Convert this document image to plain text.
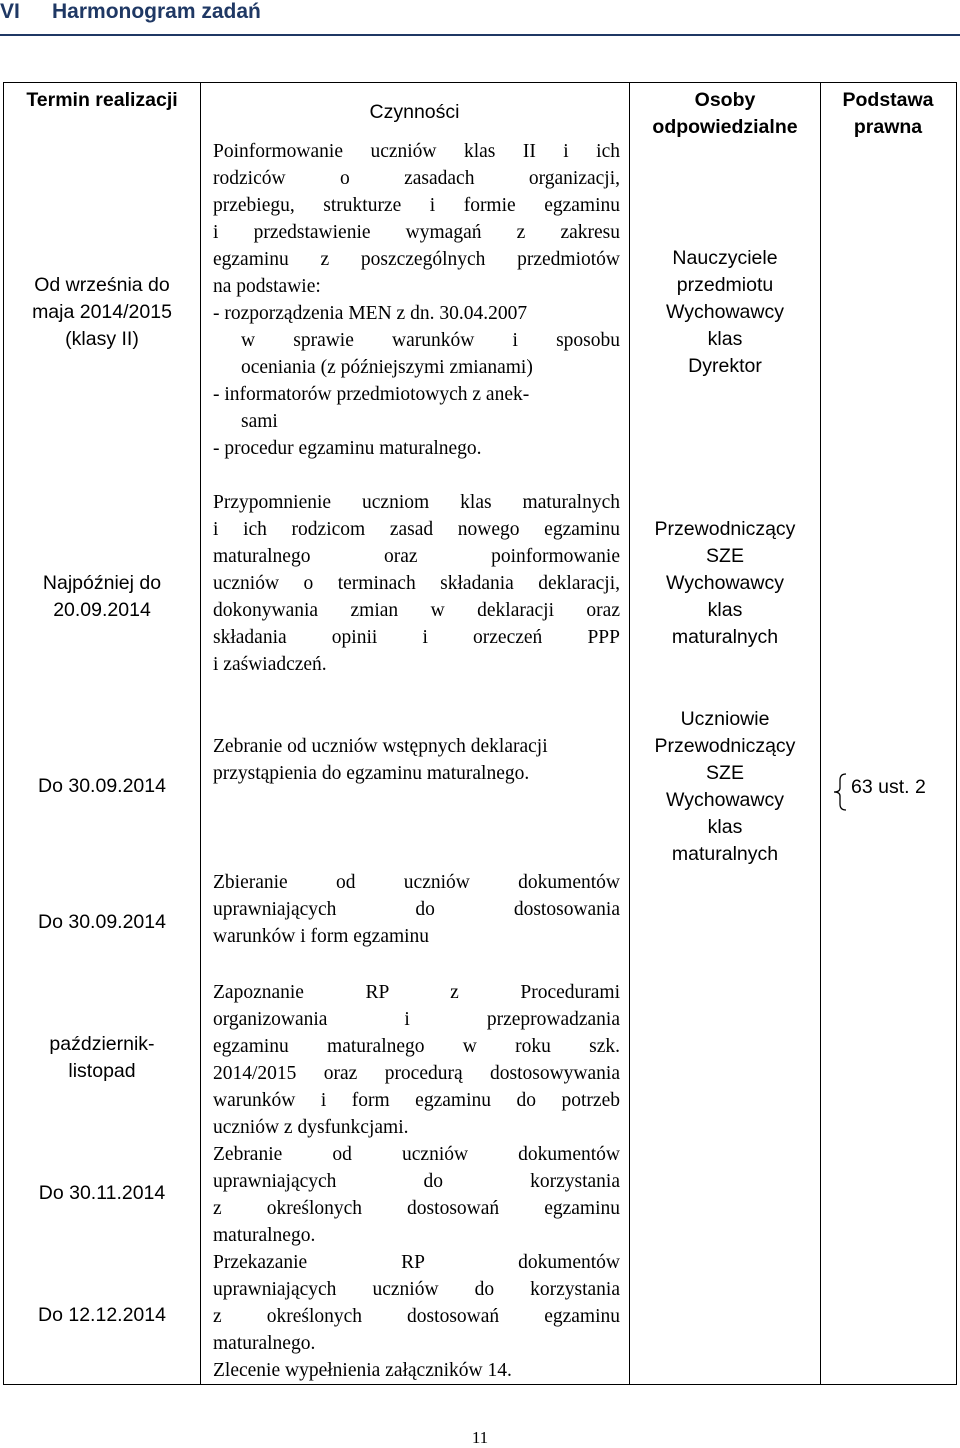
VI Harmonogram zadań
Termin realizacji
Czynności
Osoby
odpowiedzialne
Podstawa
prawna
Od września do
maja 2014/2015
(klasy II)
Poinformowanie uczniów klas II i ich
rodziców o zasadach organizacji,
przebiegu, strukturze i formie egzaminu
i przedstawienie wymagań z zakresu
egzaminu z poszczególnych przedmiotów
na podstawie:
- rozporządzenia MEN z dn. 30.04.2007
w sprawie warunków i sposobu
oceniania (z późniejszymi zmianami)
- informatorów przedmiotowych z anek-
sami
- procedur egzaminu maturalnego.
Nauczyciele
przedmiotu
Wychowawcy
klas
Dyrektor
Najpóźniej do
20.09.2014
Przypomnienie uczniom klas maturalnych
i ich rodzicom zasad nowego egzaminu
maturalnego oraz poinformowanie
uczniów o terminach składania deklaracji,
dokonywania zmian w deklaracji oraz
składania opinii i orzeczeń PPP
i zaświadczeń.
Przewodniczący
SZE
Wychowawcy
klas
maturalnych
Do 30.09.2014
Do 30.09.2014
Zebranie od uczniów wstępnych deklaracji
przystąpienia do egzaminu maturalnego.
Zbieranie od uczniów dokumentów
uprawniających do dostosowania
warunków i form egzaminu
Uczniowie
Przewodniczący
SZE
Wychowawcy
klas
maturalnych
63 ust. 2
październik-
listopad
Do 30.11.2014
Do 12.12.2014
Zapoznanie RP z Procedurami
organizowania i przeprowadzania
egzaminu maturalnego w roku szk.
2014/2015 oraz procedurą dostosowywania
warunków i form egzaminu do potrzeb
uczniów z dysfunkcjami.
Zebranie od uczniów dokumentów
uprawniających do korzystania
z określonych dostosowań egzaminu
maturalnego.
Przekazanie RP dokumentów
uprawniających uczniów do korzystania
z określonych dostosowań egzaminu
maturalnego.
Zlecenie wypełnienia załączników 14.
11
